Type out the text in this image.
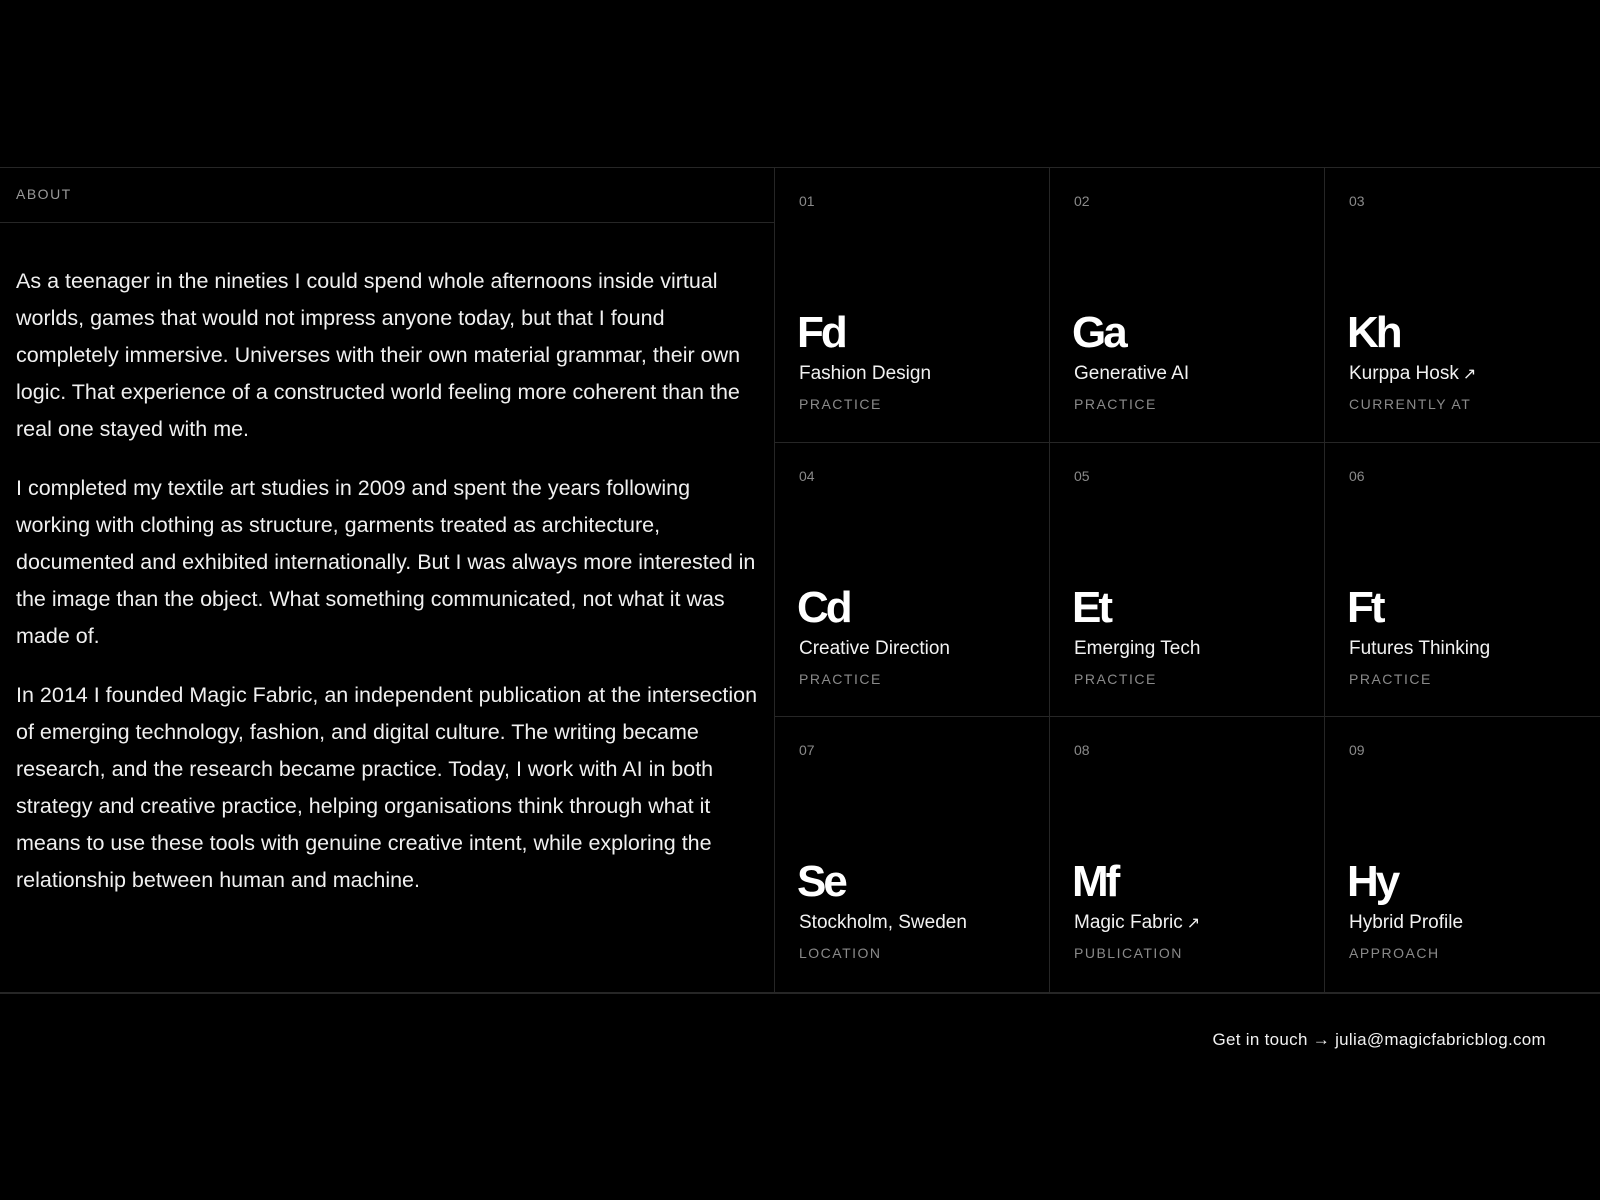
ABOUT

As a teenager in the nineties I could spend whole afternoons inside virtual worlds, games that would not impress anyone today, but that I found completely immersive. Universes with their own material grammar, their own logic. That experience of a constructed world feeling more coherent than the real one stayed with me.

I completed my textile art studies in 2009 and spent the years following working with clothing as structure, garments treated as architecture, documented and exhibited internationally. But I was always more interested in the image than the object. What something communicated, not what it was made of.

In 2014 I founded Magic Fabric, an independent publication at the intersection of emerging technology, fashion, and digital culture. The writing became research, and the research became practice. Today, I work with AI in both strategy and creative practice, helping organisations think through what it means to use these tools with genuine creative intent, while exploring the relationship between human and machine.

01
Fd
Fashion Design
PRACTICE
02
Ga
Generative AI
PRACTICE
03
Kh
Kurppa Hosk ↗
CURRENTLY AT
04
Cd
Creative Direction
PRACTICE
05
Et
Emerging Tech
PRACTICE
06
Ft
Futures Thinking
PRACTICE
07
Se
Stockholm, Sweden
LOCATION
08
Mf
Magic Fabric ↗
PUBLICATION
09
Hy
Hybrid Profile
APPROACH
Get in touch → julia@magicfabricblog.com
